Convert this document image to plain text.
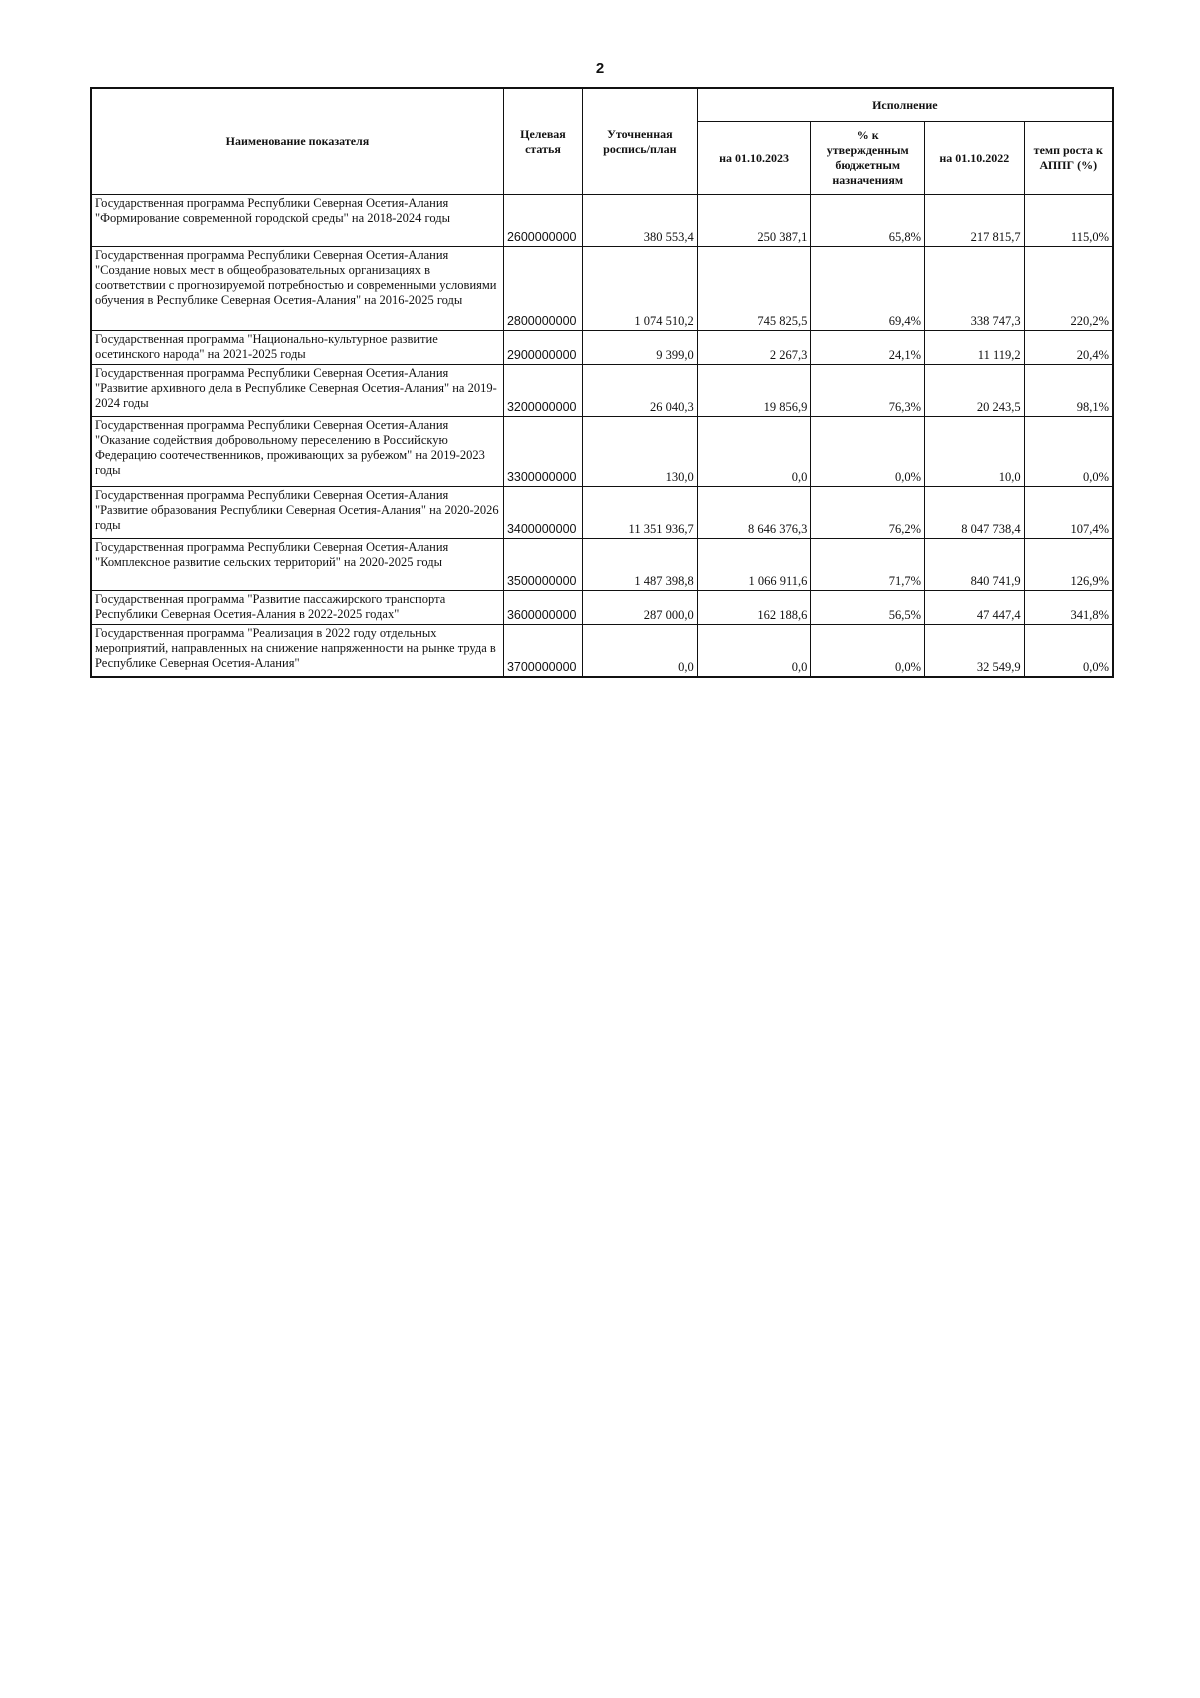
2
Наименование показателя	Целевая статья	Уточненная роспись/план	Исполнение			
			на 01.10.2023	% к утвержденным бюджетным назначениям	на 01.10.2022	темп роста к АППГ (%)
Государственная программа Республики Северная Осетия-Алания "Формирование современной городской среды" на 2018-2024 годы	2600000000	380 553,4	250 387,1	65,8%	217 815,7	115,0%
Государственная программа Республики Северная Осетия-Алания "Создание новых мест в общеобразовательных организациях в соответствии с прогнозируемой потребностью и современными условиями обучения в Республике Северная Осетия-Алания" на 2016-2025 годы	2800000000	1 074 510,2	745 825,5	69,4%	338 747,3	220,2%
Государственная программа "Национально-культурное развитие осетинского народа" на 2021-2025 годы	2900000000	9 399,0	2 267,3	24,1%	11 119,2	20,4%
Государственная программа Республики Северная Осетия-Алания "Развитие архивного дела в Республике Северная Осетия-Алания" на 2019-2024 годы	3200000000	26 040,3	19 856,9	76,3%	20 243,5	98,1%
Государственная программа Республики Северная Осетия-Алания "Оказание содействия добровольному переселению в Российскую Федерацию соотечественников, проживающих за рубежом" на 2019-2023 годы	3300000000	130,0	0,0	0,0%	10,0	0,0%
Государственная программа Республики Северная Осетия-Алания "Развитие образования Республики Северная Осетия-Алания" на 2020-2026 годы	3400000000	11 351 936,7	8 646 376,3	76,2%	8 047 738,4	107,4%
Государственная программа Республики Северная Осетия-Алания "Комплексное развитие сельских территорий" на 2020-2025 годы	3500000000	1 487 398,8	1 066 911,6	71,7%	840 741,9	126,9%
Государственная программа "Развитие пассажирского транспорта Республики Северная Осетия-Алания в 2022-2025 годах"	3600000000	287 000,0	162 188,6	56,5%	47 447,4	341,8%
Государственная программа "Реализация в 2022 году отдельных мероприятий, направленных на снижение напряженности на рынке труда в Республике Северная Осетия-Алания"	3700000000	0,0	0,0	0,0%	32 549,9	0,0%
